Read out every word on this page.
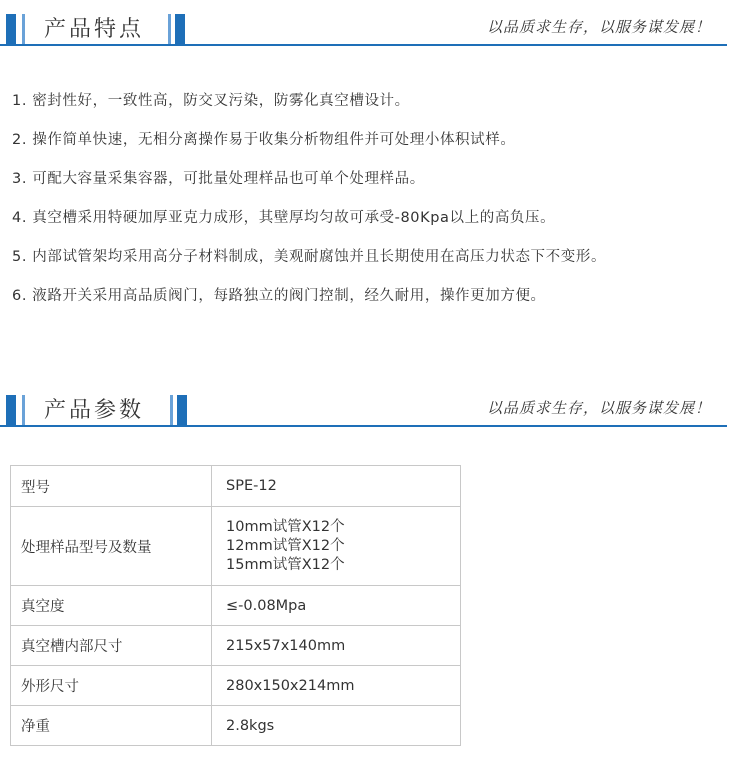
产品特点	以品质求生存，以服务谋发展！
1. 密封性好，一致性高，防交叉污染，防雾化真空槽设计。
2. 操作简单快速，无相分离操作易于收集分析物组件并可处理小体积试样。
3. 可配大容量采集容器，可批量处理样品也可单个处理样品。
4. 真空槽采用特硬加厚亚克力成形，其壁厚均匀故可承受-80Kpa以上的高负压。
5. 内部试管架均采用高分子材料制成，美观耐腐蚀并且长期使用在高压力状态下不变形。
6. 液路开关采用高品质阀门，每路独立的阀门控制，经久耐用，操作更加方便。
产品参数	以品质求生存，以服务谋发展！
型号	SPE-12
处理样品型号及数量	10mm试管X12个
12mm试管X12个
15mm试管X12个

真空度	≤-0.08Mpa
真空槽内部尺寸	215x57x140mm
外形尺寸	280x150x214mm
净重	2.8kgs
